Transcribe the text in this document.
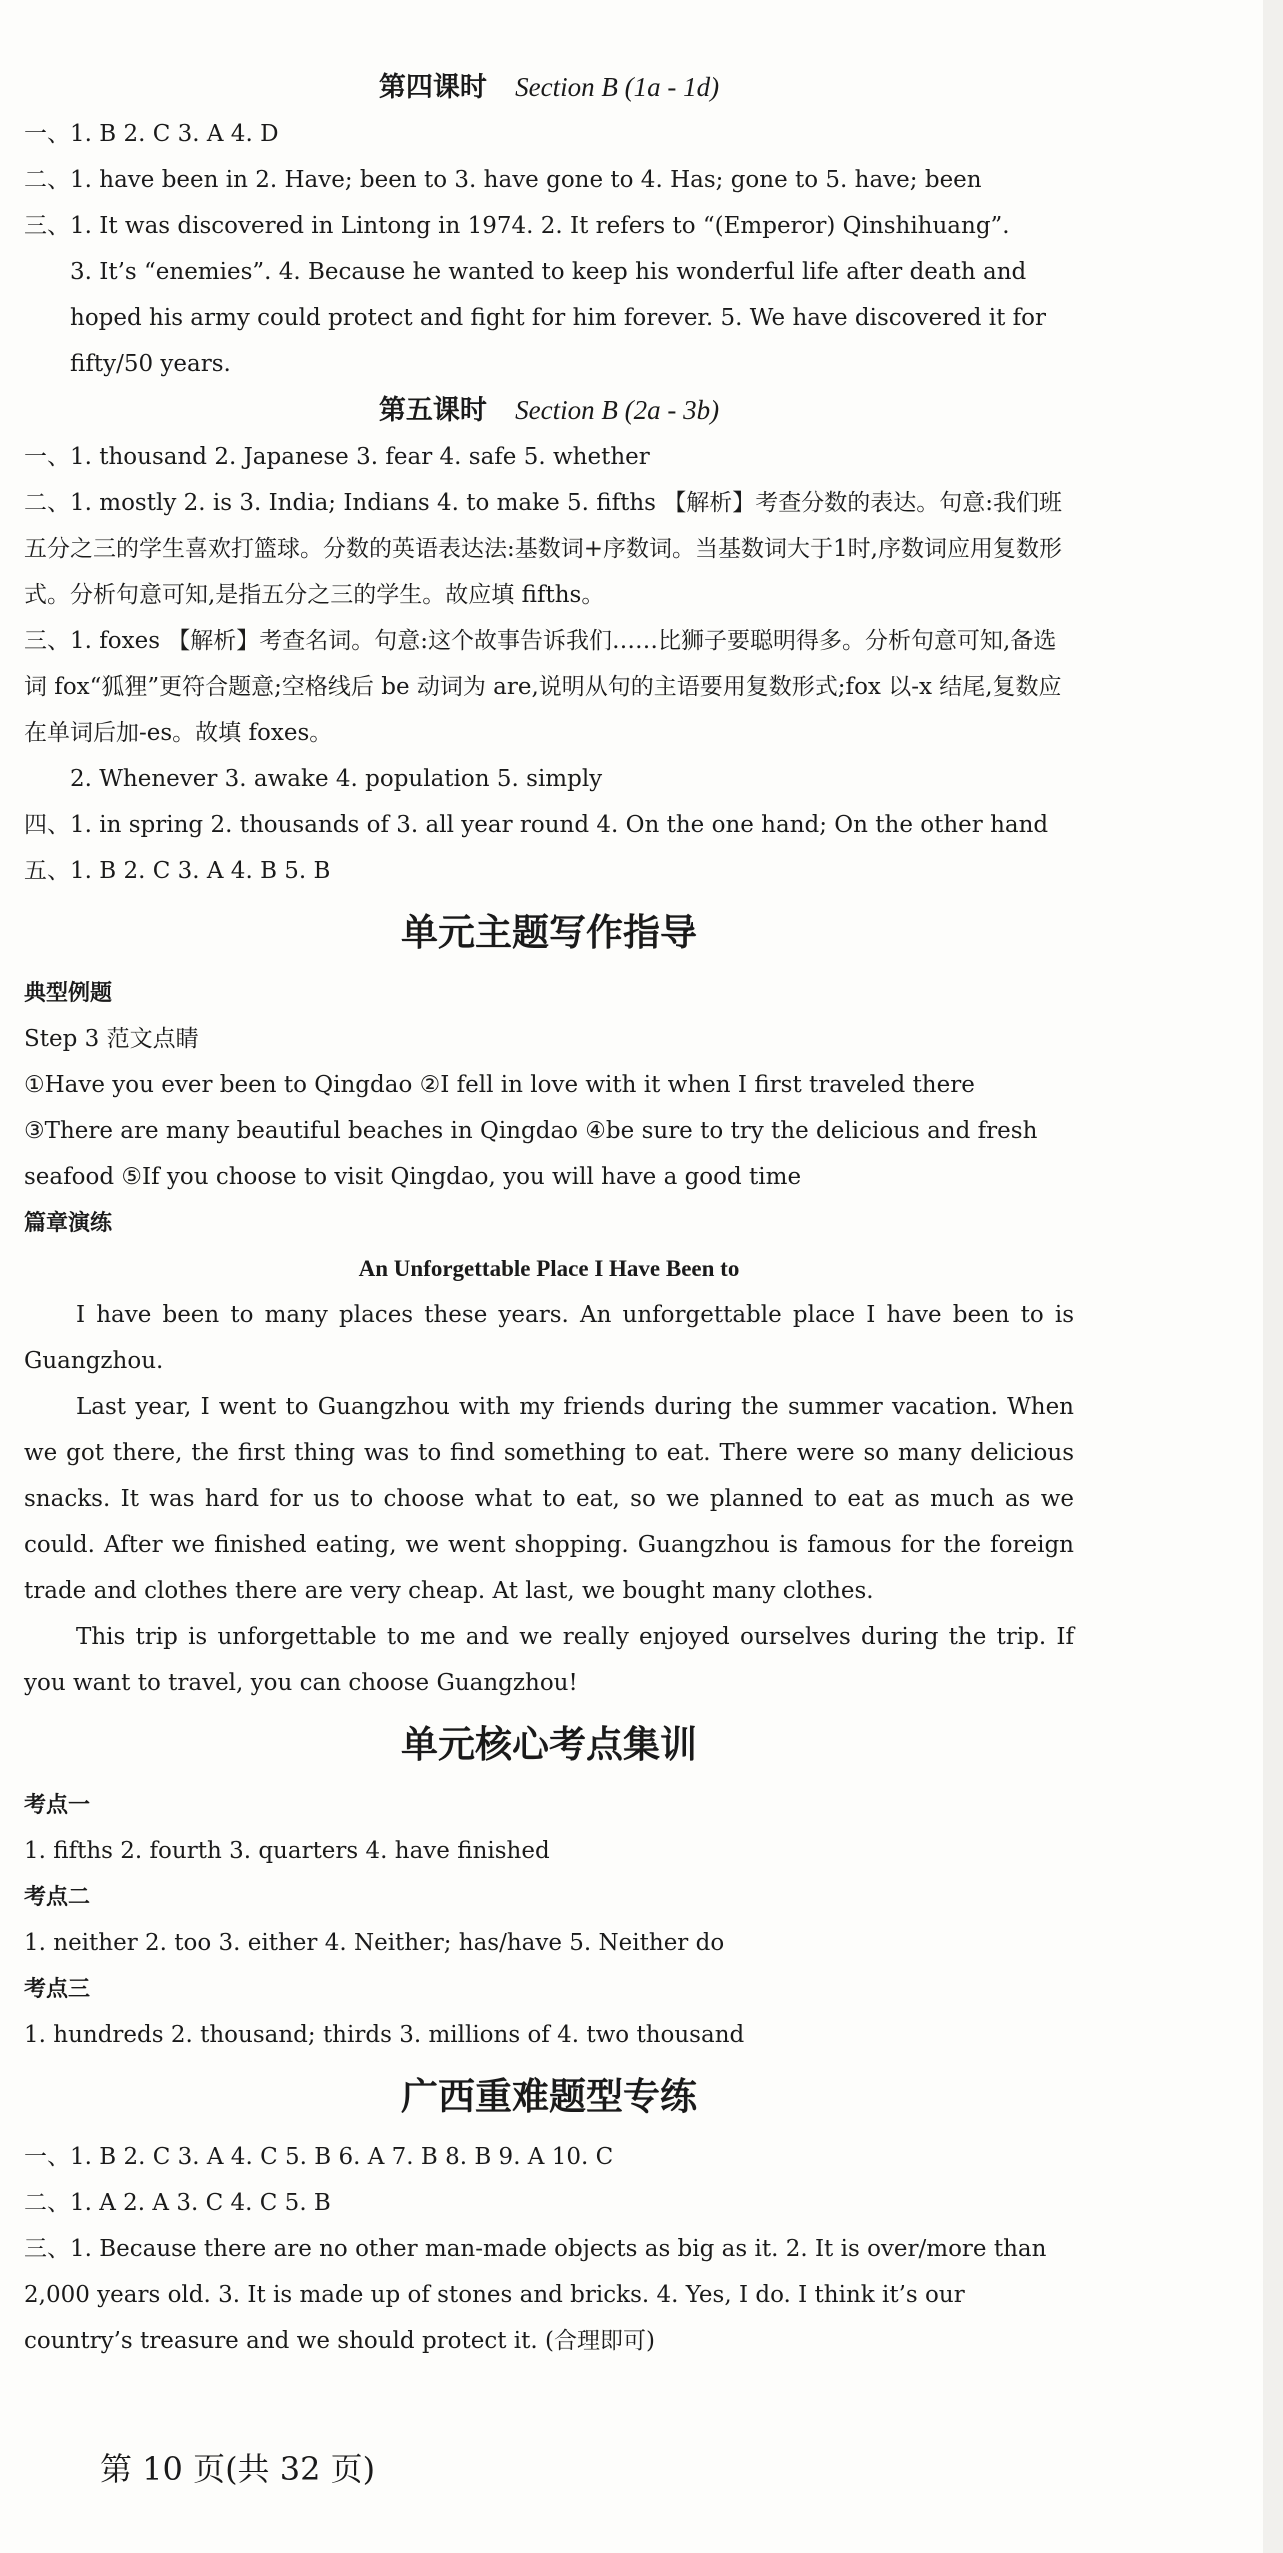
第四课时 Section B (1a - 1d)
一、1. B 2. C 3. A 4. D
二、1. have been in 2. Have; been to 3. have gone to 4. Has; gone to 5. have; been
三、1. It was discovered in Lintong in 1974. 2. It refers to “(Emperor) Qinshihuang”.
3. It’s “enemies”. 4. Because he wanted to keep his wonderful life after death and hoped his army could protect and fight for him forever. 5. We have discovered it for fifty/50 years.
第五课时 Section B (2a - 3b)
一、1. thousand 2. Japanese 3. fear 4. safe 5. whether
二、1. mostly 2. is 3. India; Indians 4. to make 5. fifths 【解析】考查分数的表达。句意:我们班五分之三的学生喜欢打篮球。分数的英语表达法:基数词+序数词。当基数词大于1时,序数词应用复数形式。分析句意可知,是指五分之三的学生。故应填 fifths。
三、1. foxes 【解析】考查名词。句意:这个故事告诉我们……比狮子要聪明得多。分析句意可知,备选词 fox“狐狸”更符合题意;空格线后 be 动词为 are,说明从句的主语要用复数形式;fox 以-x 结尾,复数应在单词后加-es。故填 foxes。
2. Whenever 3. awake 4. population 5. simply
四、1. in spring 2. thousands of 3. all year round 4. On the one hand; On the other hand
五、1. B 2. C 3. A 4. B 5. B
单元主题写作指导
典型例题
Step 3 范文点睛
①Have you ever been to Qingdao ②I fell in love with it when I first traveled there
③There are many beautiful beaches in Qingdao ④be sure to try the delicious and fresh seafood ⑤If you choose to visit Qingdao, you will have a good time
篇章演练
An Unforgettable Place I Have Been to
I have been to many places these years. An unforgettable place I have been to is Guangzhou.
Last year, I went to Guangzhou with my friends during the summer vacation. When we got there, the first thing was to find something to eat. There were so many delicious snacks. It was hard for us to choose what to eat, so we planned to eat as much as we could. After we finished eating, we went shopping. Guangzhou is famous for the foreign trade and clothes there are very cheap. At last, we bought many clothes.
This trip is unforgettable to me and we really enjoyed ourselves during the trip. If you want to travel, you can choose Guangzhou!
单元核心考点集训
考点一
1. fifths 2. fourth 3. quarters 4. have finished
考点二
1. neither 2. too 3. either 4. Neither; has/have 5. Neither do
考点三
1. hundreds 2. thousand; thirds 3. millions of 4. two thousand
广西重难题型专练
一、1. B 2. C 3. A 4. C 5. B 6. A 7. B 8. B 9. A 10. C
二、1. A 2. A 3. C 4. C 5. B
三、1. Because there are no other man-made objects as big as it. 2. It is over/more than 2,000 years old. 3. It is made up of stones and bricks. 4. Yes, I do. I think it’s our country’s treasure and we should protect it. (合理即可)
第 10 页(共 32 页)
